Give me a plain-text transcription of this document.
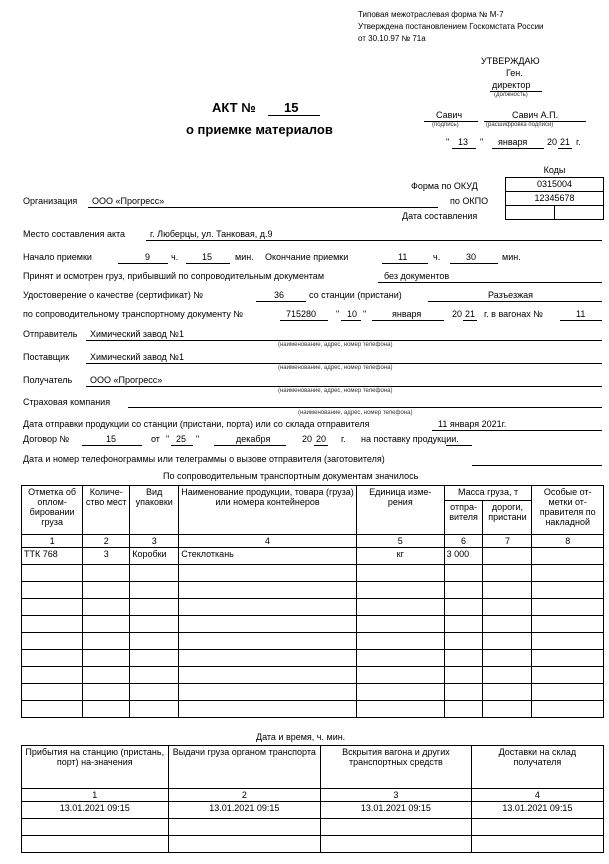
Типовая межотраслевая форма № М-7
Утверждена постановлением Госкомстата России
от 30.10.97 № 71а
УТВЕРЖДАЮ
Ген.
директор
(должность)
Савич
(подпись)
Савич А.П.
(расшифровка подписи)
" 13 " января 20 21 г.
АКТ № 15
о приемке материалов
Коды
0315004
12345678

Форма по ОКУД
по ОКПО
Дата составления
Организация ООО «Прогресс»
Место составления акта	г. Люберцы, ул. Танковая, д.9
Начало приемки	9 ч.	15	мин. Окончание приемки	11	ч.	30	мин.
Принят и осмотрен груз, прибывший по сопроводительным документам	без документов
Удостоверение о качестве (сертификат) №	36	со станции (пристани)	Разъезжая
по сопроводительному транспортному документу №	715280 " 10 "	января	20 21 г. в вагонах №	11
Отправитель Химический завод №1
(наименование, адрес, номер телефона)
Поставщик Химический завод №1
(наименование, адрес, номер телефона)
Получатель ООО «Прогресс»
(наименование, адрес, номер телефона)
Страховая компания
(наименование, адрес, номер телефона)
Дата отправки продукции со станции (пристани, порта) или со склада отправителя	11 января 2021г.
Договор №	15	от " 25 "	декабря	20 20 г. на поставку продукции.
Дата и номер телефонограммы или телеграммы о вызове отправителя (заготовителя)
По сопроводительным транспортным документам значилось
Отметка об оплом-бировании груза	Количе-ство мест	Вид упаковки	Наименование продукции, товара (груза) или номера контейнеров	Единица изме-рения	Масса груза, т		Особые от-метки от-правителя по накладной
					отпра-вителя	дороги, пристани	
1	2	3	4	5	6	7	8
ТТК 768	3	Коробки	Стеклоткань	кг	3 000		

Дата и время, ч. мин.
Прибытия на станцию (пристань, порт) на-значения	Выдачи груза органом транспорта	Вскрытия вагона и других транспортных средств	Доставки на склад получателя
1	2	3	4
13.01.2021 09:15	13.01.2021 09:15	13.01.2021 09:15	13.01.2021 09:15
